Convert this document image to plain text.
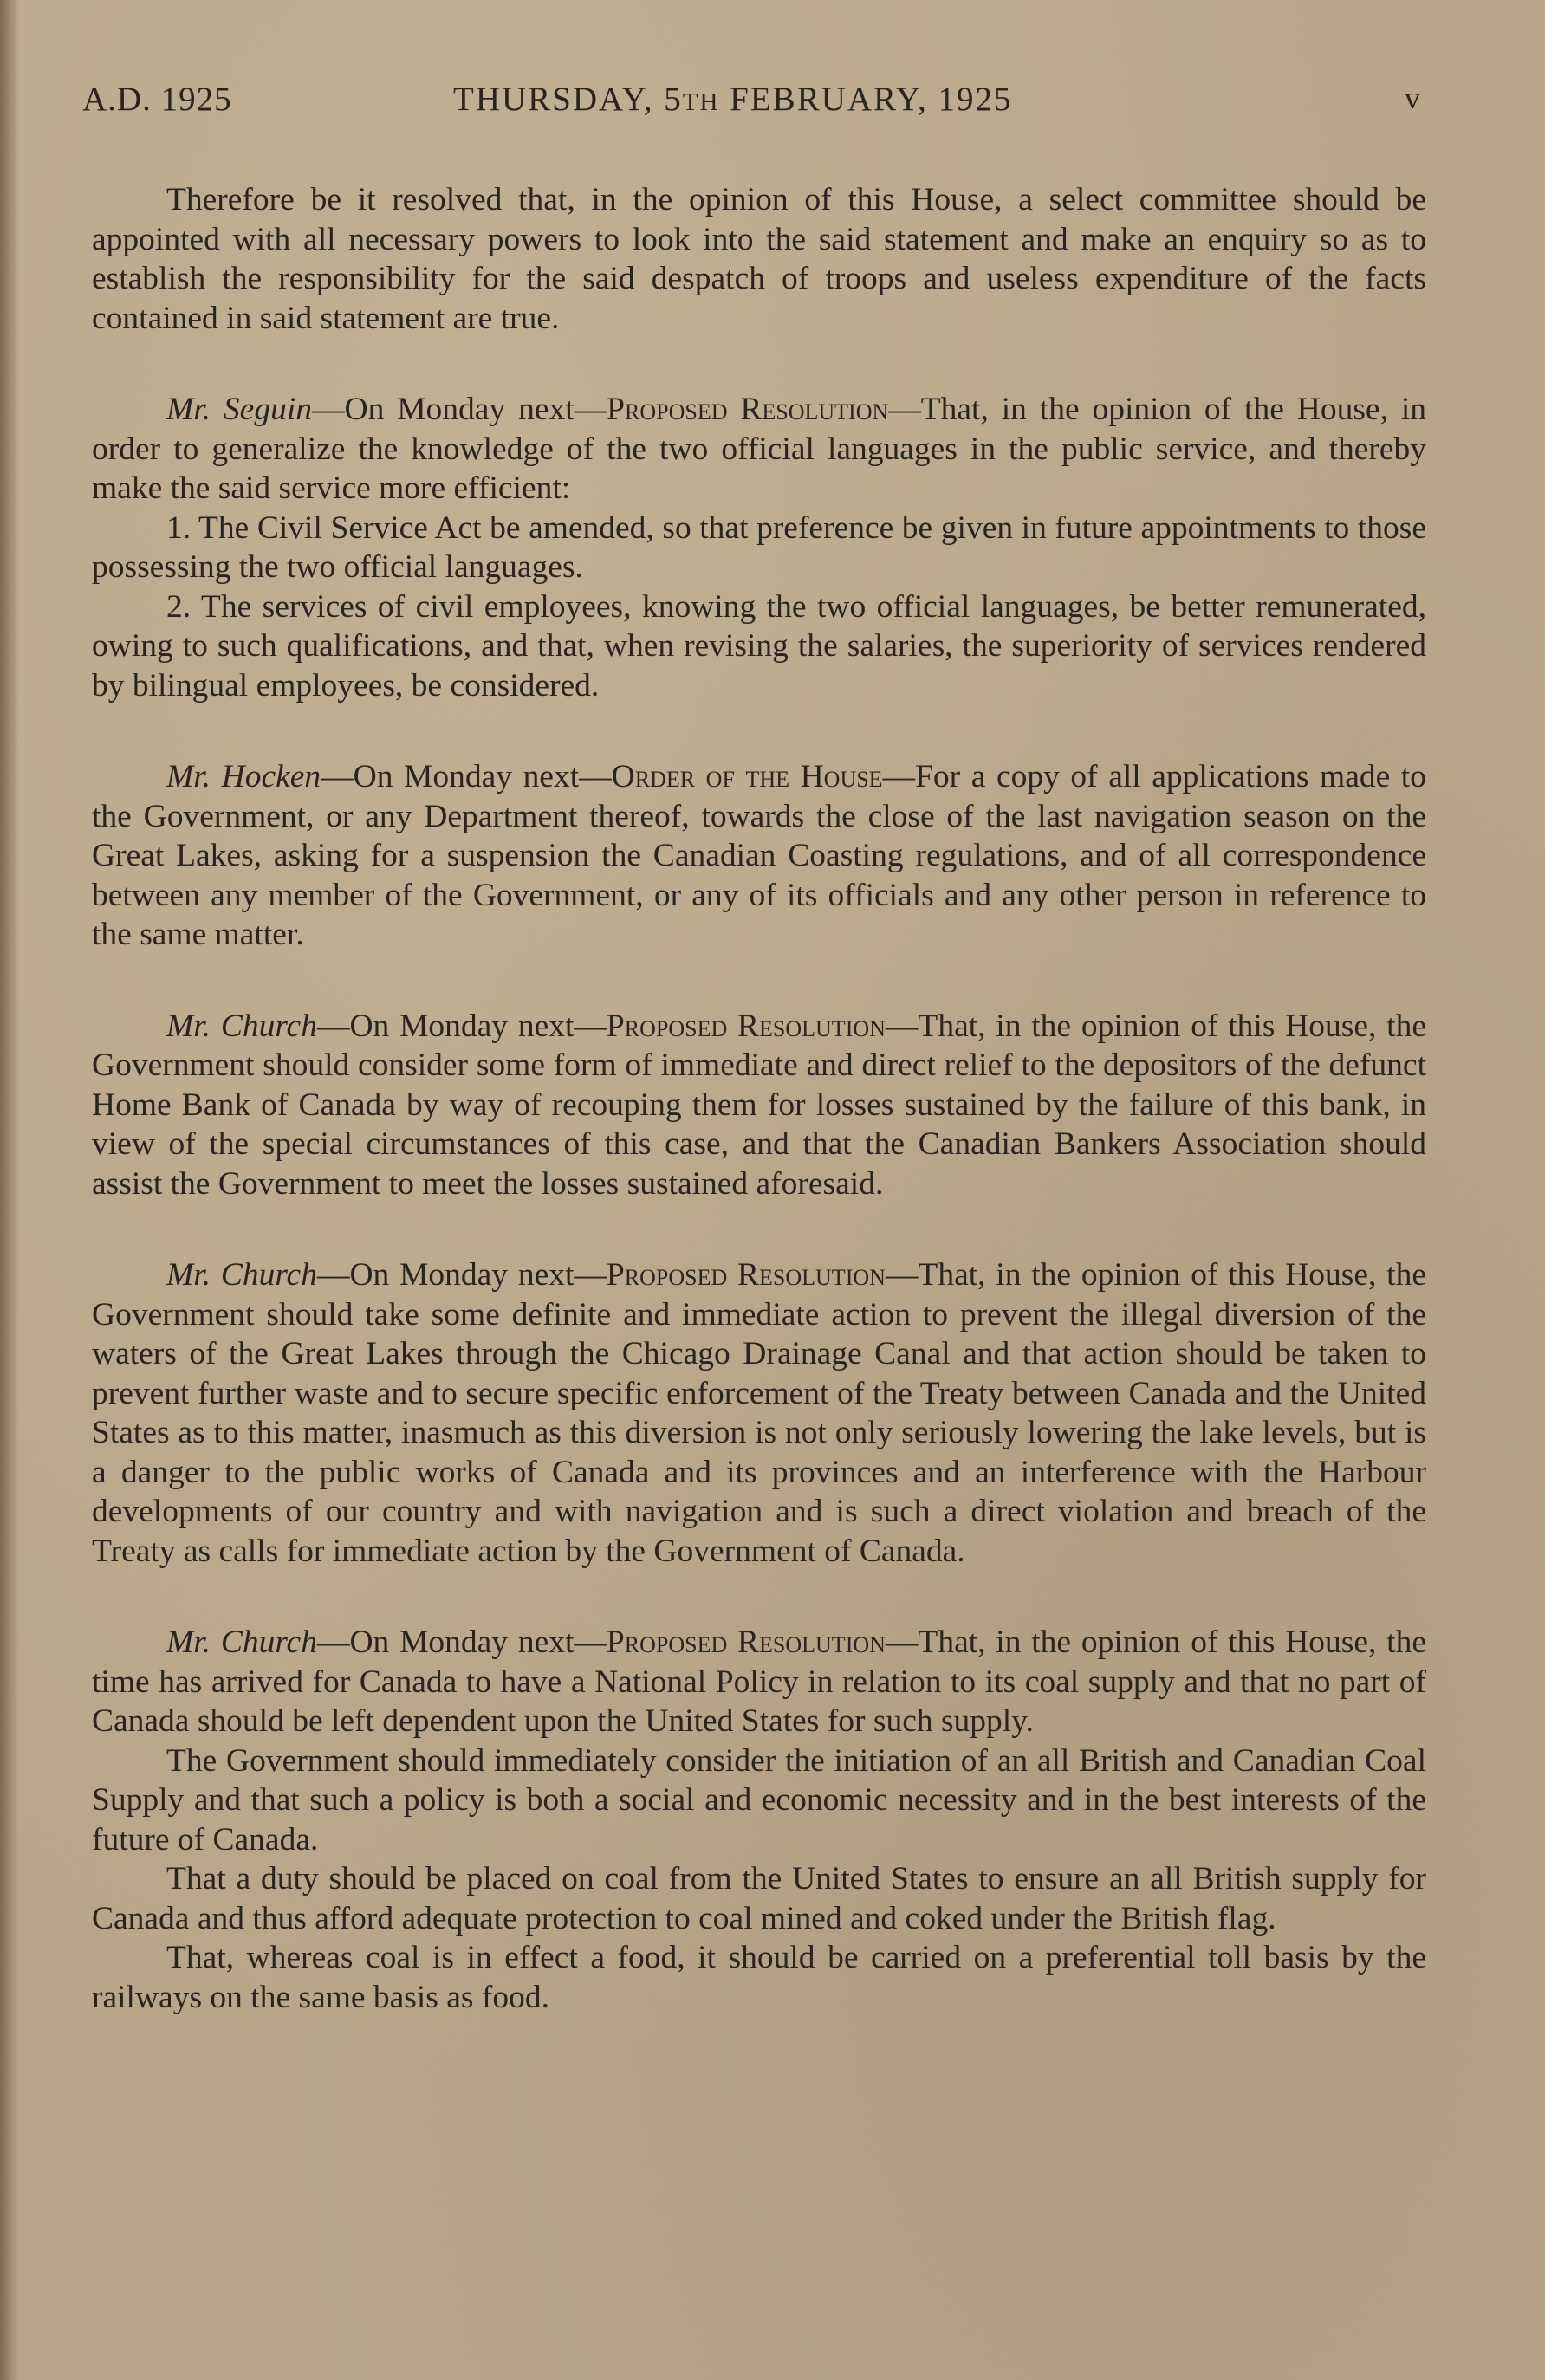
A.D. 1925	THURSDAY, 5TH FEBRUARY, 1925	v

Therefore be it resolved that, in the opinion of this House, a select committee should be appointed with all necessary powers to look into the said statement and make an enquiry so as to establish the responsibility for the said despatch of troops and useless expenditure of the facts contained in said statement are true.

Mr. Seguin—On Monday next—Proposed Resolution—That, in the opinion of the House, in order to generalize the knowledge of the two official languages in the public service, and thereby make the said service more efficient:

1. The Civil Service Act be amended, so that preference be given in future appointments to those possessing the two official languages.

2. The services of civil employees, knowing the two official languages, be better remunerated, owing to such qualifications, and that, when revising the salaries, the superiority of services rendered by bilingual employees, be considered.

Mr. Hocken—On Monday next—Order of the House—For a copy of all applications made to the Government, or any Department thereof, towards the close of the last navigation season on the Great Lakes, asking for a suspension the Canadian Coasting regulations, and of all correspondence between any member of the Government, or any of its officials and any other person in reference to the same matter.

Mr. Church—On Monday next—Proposed Resolution—That, in the opinion of this House, the Government should consider some form of immediate and direct relief to the depositors of the defunct Home Bank of Canada by way of recouping them for losses sustained by the failure of this bank, in view of the special circumstances of this case, and that the Canadian Bankers Association should assist the Government to meet the losses sustained aforesaid.

Mr. Church—On Monday next—Proposed Resolution—That, in the opinion of this House, the Government should take some definite and immediate action to prevent the illegal diversion of the waters of the Great Lakes through the Chicago Drainage Canal and that action should be taken to prevent further waste and to secure specific enforcement of the Treaty between Canada and the United States as to this matter, inasmuch as this diversion is not only seriously lowering the lake levels, but is a danger to the public works of Canada and its provinces and an interference with the Harbour developments of our country and with navigation and is such a direct violation and breach of the Treaty as calls for immediate action by the Government of Canada.

Mr. Church—On Monday next—Proposed Resolution—That, in the opinion of this House, the time has arrived for Canada to have a National Policy in relation to its coal supply and that no part of Canada should be left dependent upon the United States for such supply.

The Government should immediately consider the initiation of an all British and Canadian Coal Supply and that such a policy is both a social and economic necessity and in the best interests of the future of Canada.

That a duty should be placed on coal from the United States to ensure an all British supply for Canada and thus afford adequate protection to coal mined and coked under the British flag.

That, whereas coal is in effect a food, it should be carried on a preferential toll basis by the railways on the same basis as food.
